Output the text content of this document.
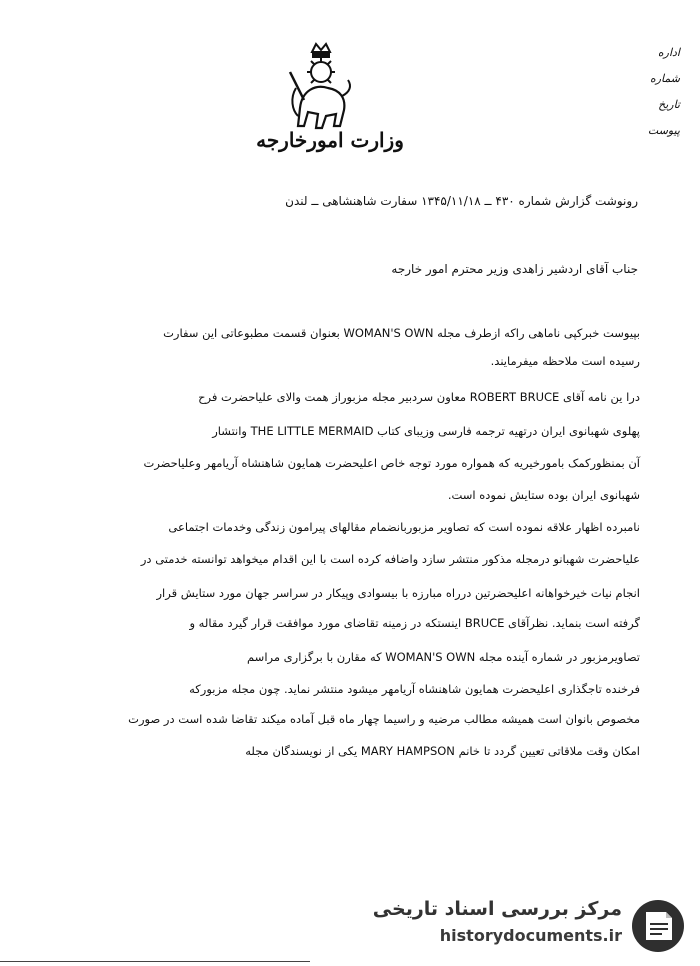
وزارت امورخارجه
اداره
شماره
تاریخ
پیوست
رونوشت گزارش شماره ۴۳۰ ــ ۱۳۴۵/۱۱/۱۸ سفارت شاهنشاهی ــ لندن
جناب آقای اردشیر زاهدی وزیر محترم امور خارجه
بپیوست خبرکپی ناماهی راکه ازطرف مجله WOMAN'S OWN بعنوان قسمت مطبوعاتی این سفارت
رسیده است ملاحظه میفرمایند.
درا ین نامه آقای ROBERT BRUCE معاون سردبیر مجله مزبوراز همت والای علیاحضرت فرح
پهلوی شهبانوی ایران درتهیه ترجمه فارسی وزیبای کتاب THE LITTLE MERMAID وانتشار
آن بمنظورکمک بامورخیریه که همواره مورد توجه خاص اعلیحضرت همایون شاهنشاه آریامهر وعلیاحضرت
شهبانوی ایران بوده ستایش نموده است.
نامبرده اظهار علاقه نموده است که تصاویر مزبوربانضمام مقالهای پیرامون زندگی وخدمات اجتماعی
علیاحضرت شهبانو درمجله مذکور منتشر سازد واضافه کرده است با این اقدام میخواهد توانسته خدمتی در
انجام نیات خیرخواهانه اعلیحضرتین درراه مبارزه با بیسوادی وپیکار در سراسر جهان مورد ستایش قرار
گرفته است بنماید. نظرآقای BRUCE اینستکه در زمینه تقاضای مورد موافقت قرار گیرد مقاله و
تصاویرمزبور در شماره آینده مجله WOMAN'S OWN که مقارن با برگزاری مراسم
فرخنده تاجگذاری اعلیحضرت همایون شاهنشاه آریامهر میشود منتشر نماید. چون مجله مزبورکه
مخصوص بانوان است همیشه مطالب مرضیه و راسیما چهار ماه قبل آماده میکند تقاضا شده است در صورت
امکان وقت ملاقاتی تعیین گردد تا خانم MARY HAMPSON یکی از نویسندگان مجله
مرکز بررسی اسناد تاریخی
historydocuments.ir
